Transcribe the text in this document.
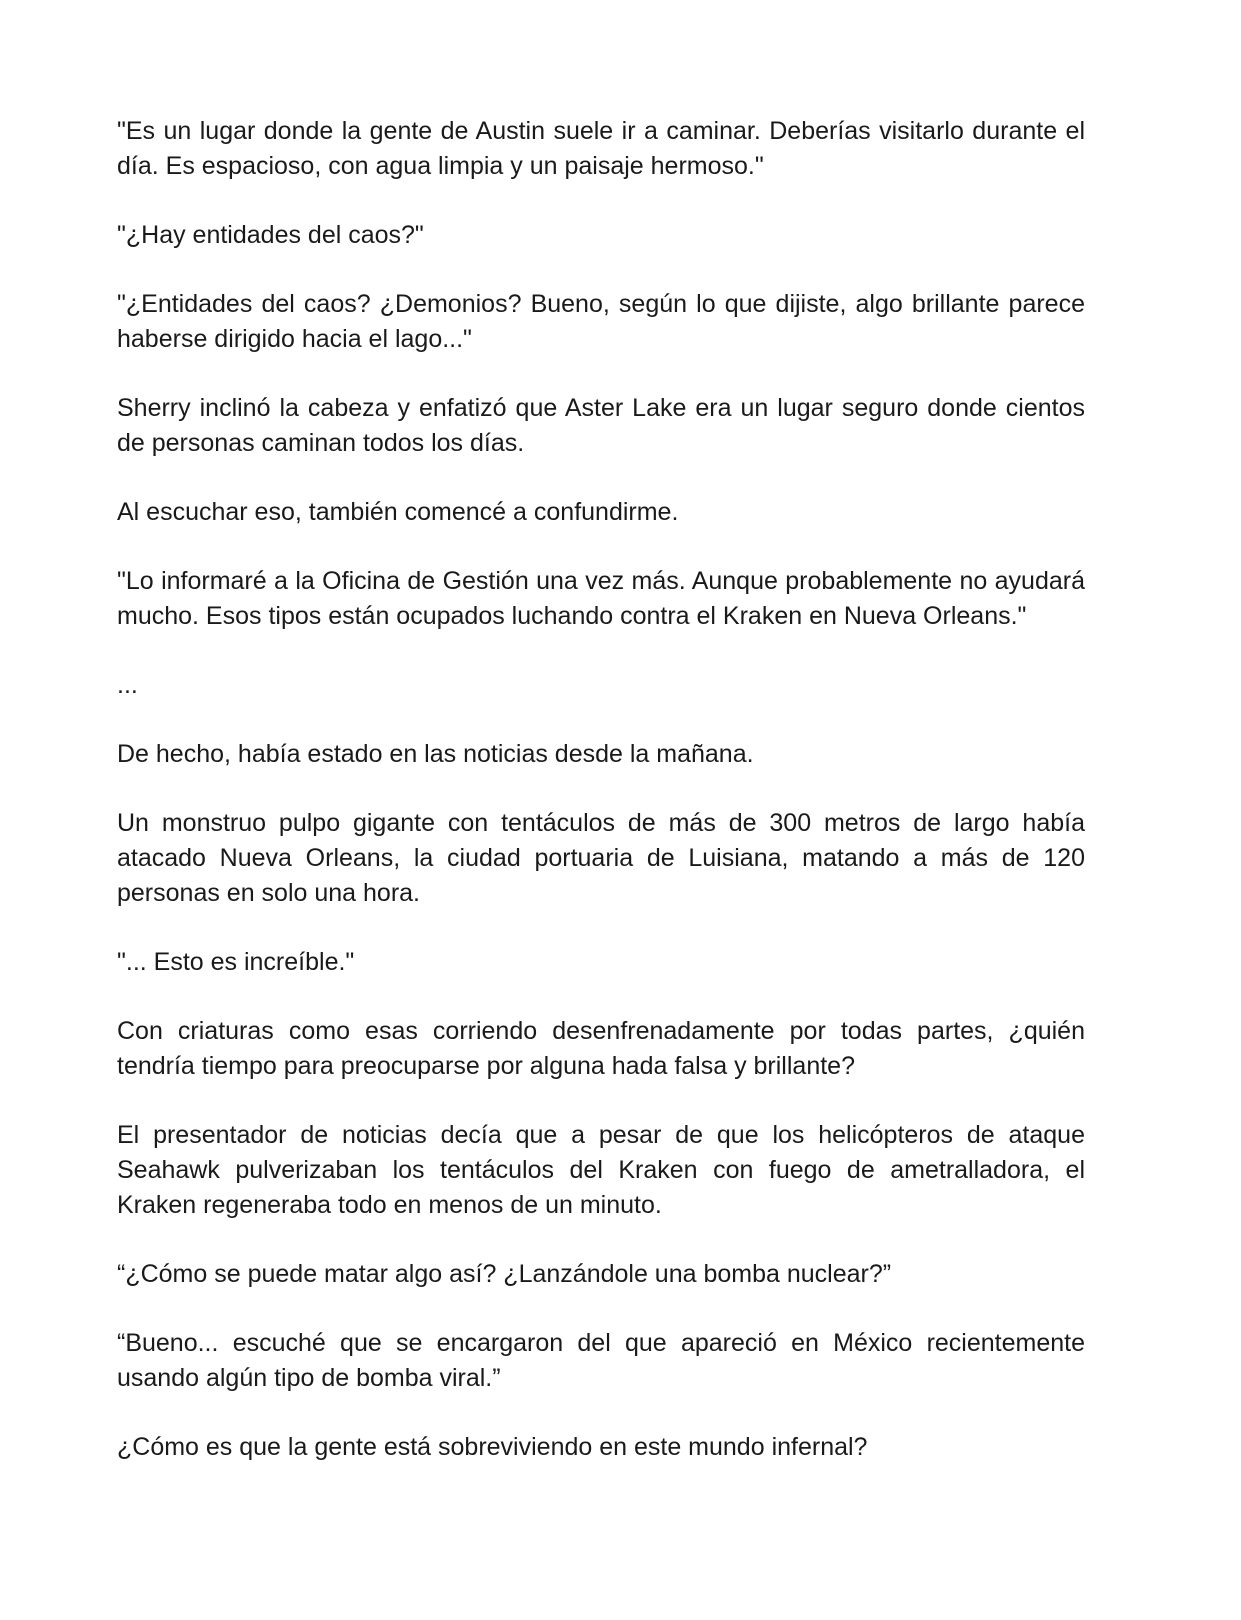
"Es un lugar donde la gente de Austin suele ir a caminar. Deberías visitarlo durante el día. Es espacioso, con agua limpia y un paisaje hermoso."

"¿Hay entidades del caos?"

"¿Entidades del caos? ¿Demonios? Bueno, según lo que dijiste, algo brillante parece haberse dirigido hacia el lago..."

Sherry inclinó la cabeza y enfatizó que Aster Lake era un lugar seguro donde cientos de personas caminan todos los días.

Al escuchar eso, también comencé a confundirme.

"Lo informaré a la Oficina de Gestión una vez más. Aunque probablemente no ayudará mucho. Esos tipos están ocupados luchando contra el Kraken en Nueva Orleans."

...

De hecho, había estado en las noticias desde la mañana.

Un monstruo pulpo gigante con tentáculos de más de 300 metros de largo había atacado Nueva Orleans, la ciudad portuaria de Luisiana, matando a más de 120 personas en solo una hora.

"... Esto es increíble."

Con criaturas como esas corriendo desenfrenadamente por todas partes, ¿quién tendría tiempo para preocuparse por alguna hada falsa y brillante?

El presentador de noticias decía que a pesar de que los helicópteros de ataque Seahawk pulverizaban los tentáculos del Kraken con fuego de ametralladora, el Kraken regeneraba todo en menos de un minuto.

“¿Cómo se puede matar algo así? ¿Lanzándole una bomba nuclear?”

“Bueno... escuché que se encargaron del que apareció en México recientemente usando algún tipo de bomba viral.”

¿Cómo es que la gente está sobreviviendo en este mundo infernal?
